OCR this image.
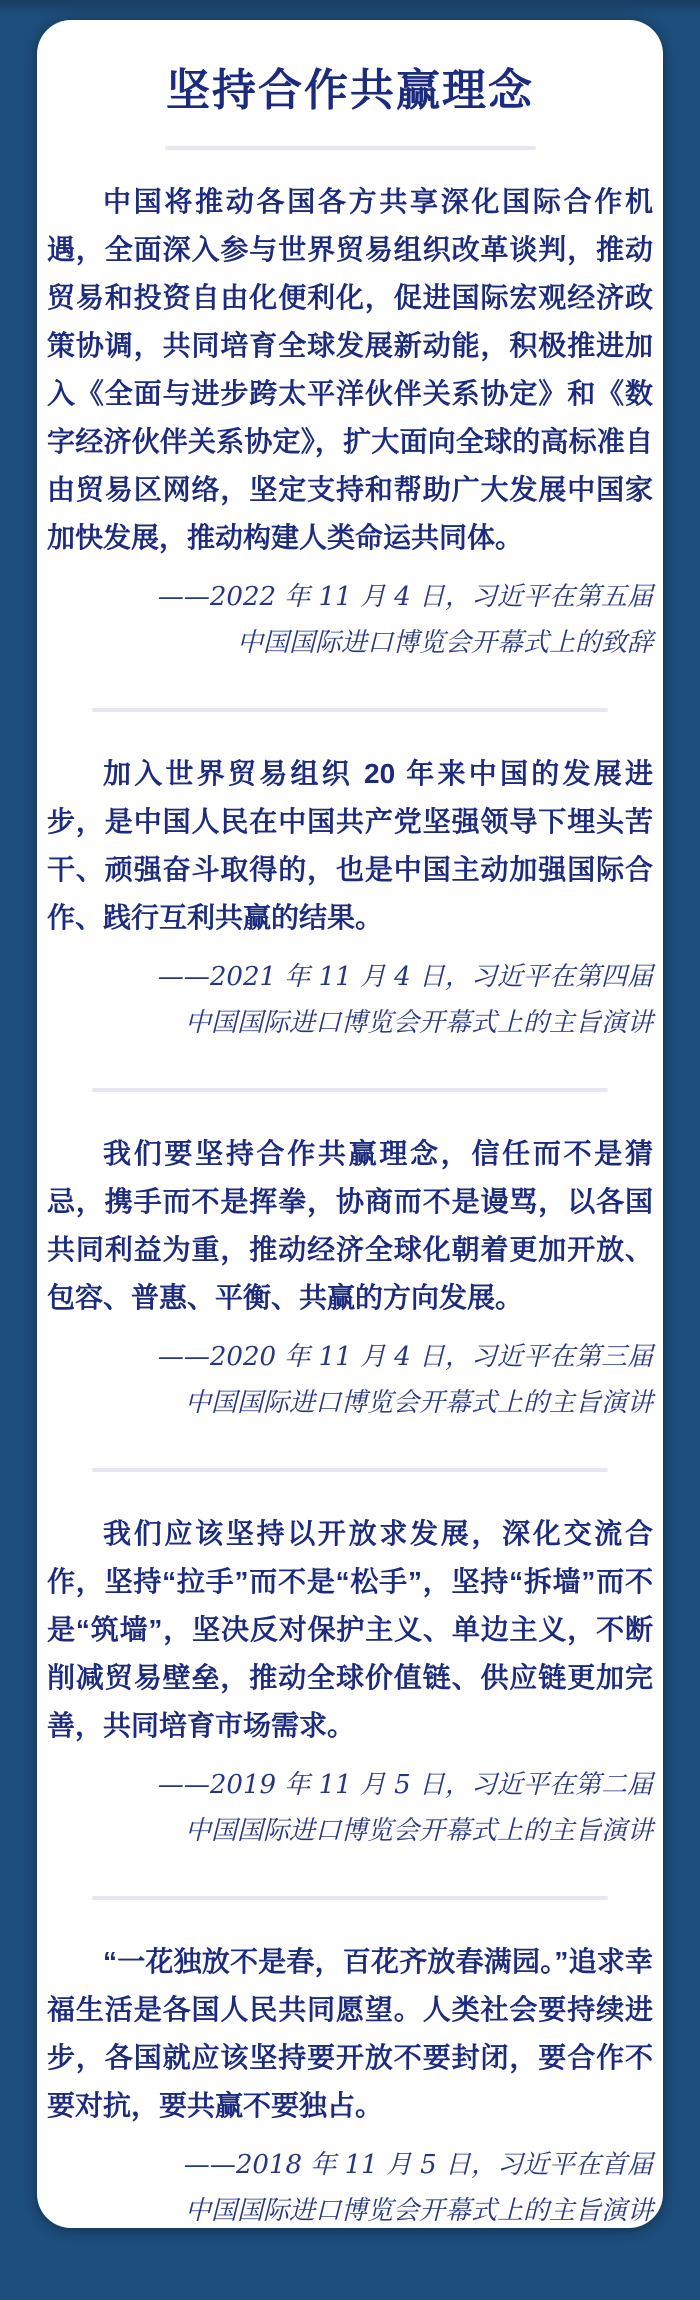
坚持合作共赢理念

中国将推动各国各方共享深化国际合作机遇，全面深入参与世界贸易组织改革谈判，推动贸易和投资自由化便利化，促进国际宏观经济政策协调，共同培育全球发展新动能，积极推进加入《全面与进步跨太平洋伙伴关系协定》和《数字经济伙伴关系协定》，扩大面向全球的高标准自由贸易区网络，坚定支持和帮助广大发展中国家加快发展，推动构建人类命运共同体。

——2022 年 11 月 4 日，习近平在第五届
中国国际进口博览会开幕式上的致辞

加入世界贸易组织 20 年来中国的发展进步，是中国人民在中国共产党坚强领导下埋头苦干、顽强奋斗取得的，也是中国主动加强国际合作、践行互利共赢的结果。

——2021 年 11 月 4 日，习近平在第四届
中国国际进口博览会开幕式上的主旨演讲

我们要坚持合作共赢理念，信任而不是猜忌，携手而不是挥拳，协商而不是谩骂，以各国共同利益为重，推动经济全球化朝着更加开放、包容、普惠、平衡、共赢的方向发展。

——2020 年 11 月 4 日，习近平在第三届
中国国际进口博览会开幕式上的主旨演讲

我们应该坚持以开放求发展，深化交流合作，坚持“拉手”而不是“松手”，坚持“拆墙”而不是“筑墙”，坚决反对保护主义、单边主义，不断削减贸易壁垒，推动全球价值链、供应链更加完善，共同培育市场需求。

——2019 年 11 月 5 日，习近平在第二届
中国国际进口博览会开幕式上的主旨演讲

“一花独放不是春，百花齐放春满园。”追求幸福生活是各国人民共同愿望。人类社会要持续进步，各国就应该坚持要开放不要封闭，要合作不要对抗，要共赢不要独占。

——2018 年 11 月 5 日，习近平在首届
中国国际进口博览会开幕式上的主旨演讲
